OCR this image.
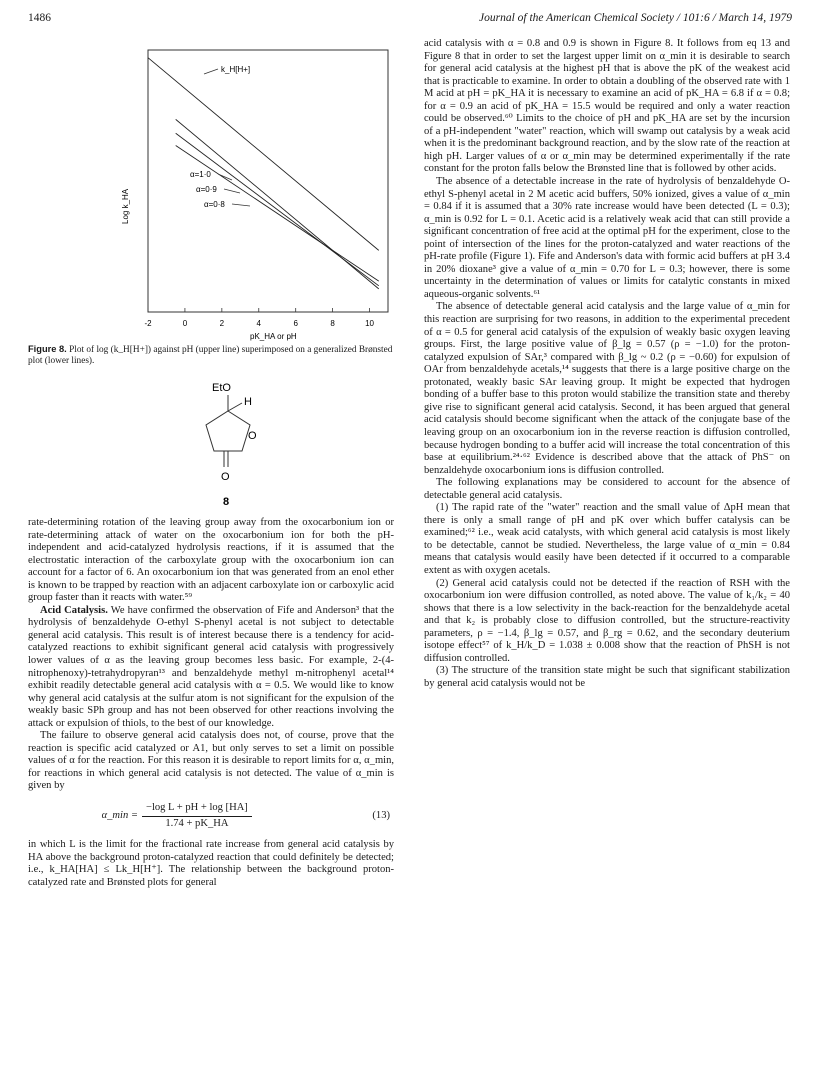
1486	Journal of the American Chemical Society / 101:6 / March 14, 1979
-2	0	2	4	6	8	10
Log k_HA
pK_HA or pH
k_H[H+]
α=1·0
α=0·9
α=0·8

Figure 8. Plot of log (k_H[H+]) against pH (upper line) superimposed on a generalized Brønsted plot (lower lines).

EtO
H
O
O
8

rate-determining rotation of the leaving group away from the oxocarbonium ion or rate-determining attack of water on the oxocarbonium ion for both the pH-independent and acid-catalyzed hydrolysis reactions, if it is assumed that the electrostatic interaction of the carboxylate group with the oxocarbonium ion can account for a factor of 6. An oxocarbonium ion that was generated from an enol ether is known to be trapped by reaction with an adjacent carboxylate ion or carboxylic acid group faster than it reacts with water.⁵⁹

Acid Catalysis. We have confirmed the observation of Fife and Anderson³ that the hydrolysis of benzaldehyde O-ethyl S-phenyl acetal is not subject to detectable general acid catalysis. This result is of interest because there is a tendency for acid-catalyzed reactions to exhibit significant general acid catalysis with progressively lower values of α as the leaving group becomes less basic. For example, 2-(4-nitrophenoxy)-tetrahydropyran¹³ and benzaldehyde methyl m-nitrophenyl acetal¹⁴ exhibit readily detectable general acid catalysis with α = 0.5. We would like to know why general acid catalysis at the sulfur atom is not significant for the expulsion of the weakly basic SPh group and has not been observed for other reactions involving the attack or expulsion of thiols, to the best of our knowledge.

The failure to observe general acid catalysis does not, of course, prove that the reaction is specific acid catalyzed or A1, but only serves to set a limit on possible values of α for the reaction. For this reason it is desirable to report limits for α, α_min, for reactions in which general acid catalysis is not detected. The value of α_min is given by

α_min = $\frac{\text{−log L + pH + log [HA]}}{1.74 + pK\_HA}$	(13)

in which L is the limit for the fractional rate increase from general acid catalysis by HA above the background proton-catalyzed reaction that could definitely be detected; i.e., k_HA[HA] ≤ Lk_H[H⁺]. The relationship between the background proton-catalyzed rate and Brønsted plots for general

acid catalysis with α = 0.8 and 0.9 is shown in Figure 8. It follows from eq 13 and Figure 8 that in order to set the largest upper limit on α_min it is desirable to search for general acid catalysis at the highest pH that is above the pK of the weakest acid that is practicable to examine. In order to obtain a doubling of the observed rate with 1 M acid at pH = pK_HA it is necessary to examine an acid of pK_HA = 6.8 if α = 0.8; for α = 0.9 an acid of pK_HA = 15.5 would be required and only a water reaction could be observed.⁶⁰ Limits to the choice of pH and pK_HA are set by the incursion of a pH-independent "water" reaction, which will swamp out catalysis by a weak acid when it is the predominant background reaction, and by the slow rate of the reaction at high pH. Larger values of α or α_min may be determined experimentally if the rate constant for the proton falls below the Brønsted line that is followed by other acids.

The absence of a detectable increase in the rate of hydrolysis of benzaldehyde O-ethyl S-phenyl acetal in 2 M acetic acid buffers, 50% ionized, gives a value of α_min = 0.84 if it is assumed that a 30% rate increase would have been detected (L = 0.3); α_min is 0.92 for L = 0.1. Acetic acid is a relatively weak acid that can still provide a significant concentration of free acid at the optimal pH for the experiment, close to the point of intersection of the lines for the proton-catalyzed and water reactions of the pH-rate profile (Figure 1). Fife and Anderson's data with formic acid buffers at pH 3.4 in 20% dioxane³ give a value of α_min = 0.70 for L = 0.3; however, there is some uncertainty in the determination of values or limits for catalytic constants in mixed aqueous-organic solvents.⁶¹

The absence of detectable general acid catalysis and the large value of α_min for this reaction are surprising for two reasons, in addition to the experimental precedent of α = 0.5 for general acid catalysis of the expulsion of weakly basic oxygen leaving groups. First, the large positive value of β_lg = 0.57 (ρ = −1.0) for the proton-catalyzed expulsion of SAr,³ compared with β_lg ~ 0.2 (ρ = −0.60) for expulsion of OAr from benzaldehyde acetals,¹⁴ suggests that there is a large positive charge on the protonated, weakly basic SAr leaving group. It might be expected that hydrogen bonding of a buffer base to this proton would stabilize the transition state and thereby give rise to significant general acid catalysis. Second, it has been argued that general acid catalysis should become significant when the attack of the conjugate base of the leaving group on an oxocarbonium ion in the reverse reaction is diffusion controlled, because hydrogen bonding to a buffer acid will increase the total concentration of this base at equilibrium.²⁴·⁶² Evidence is described above that the attack of PhS⁻ on benzaldehyde oxocarbonium ions is diffusion controlled.

The following explanations may be considered to account for the absence of detectable general acid catalysis.

(1) The rapid rate of the "water" reaction and the small value of ΔpH mean that there is only a small range of pH and pK over which buffer catalysis can be examined;⁶² i.e., weak acid catalysts, with which general acid catalysis is most likely to be detectable, cannot be studied. Nevertheless, the large value of α_min = 0.84 means that catalysis would easily have been detected if it occurred to a comparable extent as with oxygen acetals.

(2) General acid catalysis could not be detected if the reaction of RSH with the oxocarbonium ion were diffusion controlled, as noted above. The value of k₁/k₂ = 40 shows that there is a low selectivity in the back-reaction for the benzaldehyde acetal and that k₂ is probably close to diffusion controlled, but the structure-reactivity parameters, ρ = −1.4, β_lg = 0.57, and β_rg = 0.62, and the secondary deuterium isotope effect⁵⁷ of k_H/k_D = 1.038 ± 0.008 show that the reaction of PhSH is not diffusion controlled.

(3) The structure of the transition state might be such that significant stabilization by general acid catalysis would not be
